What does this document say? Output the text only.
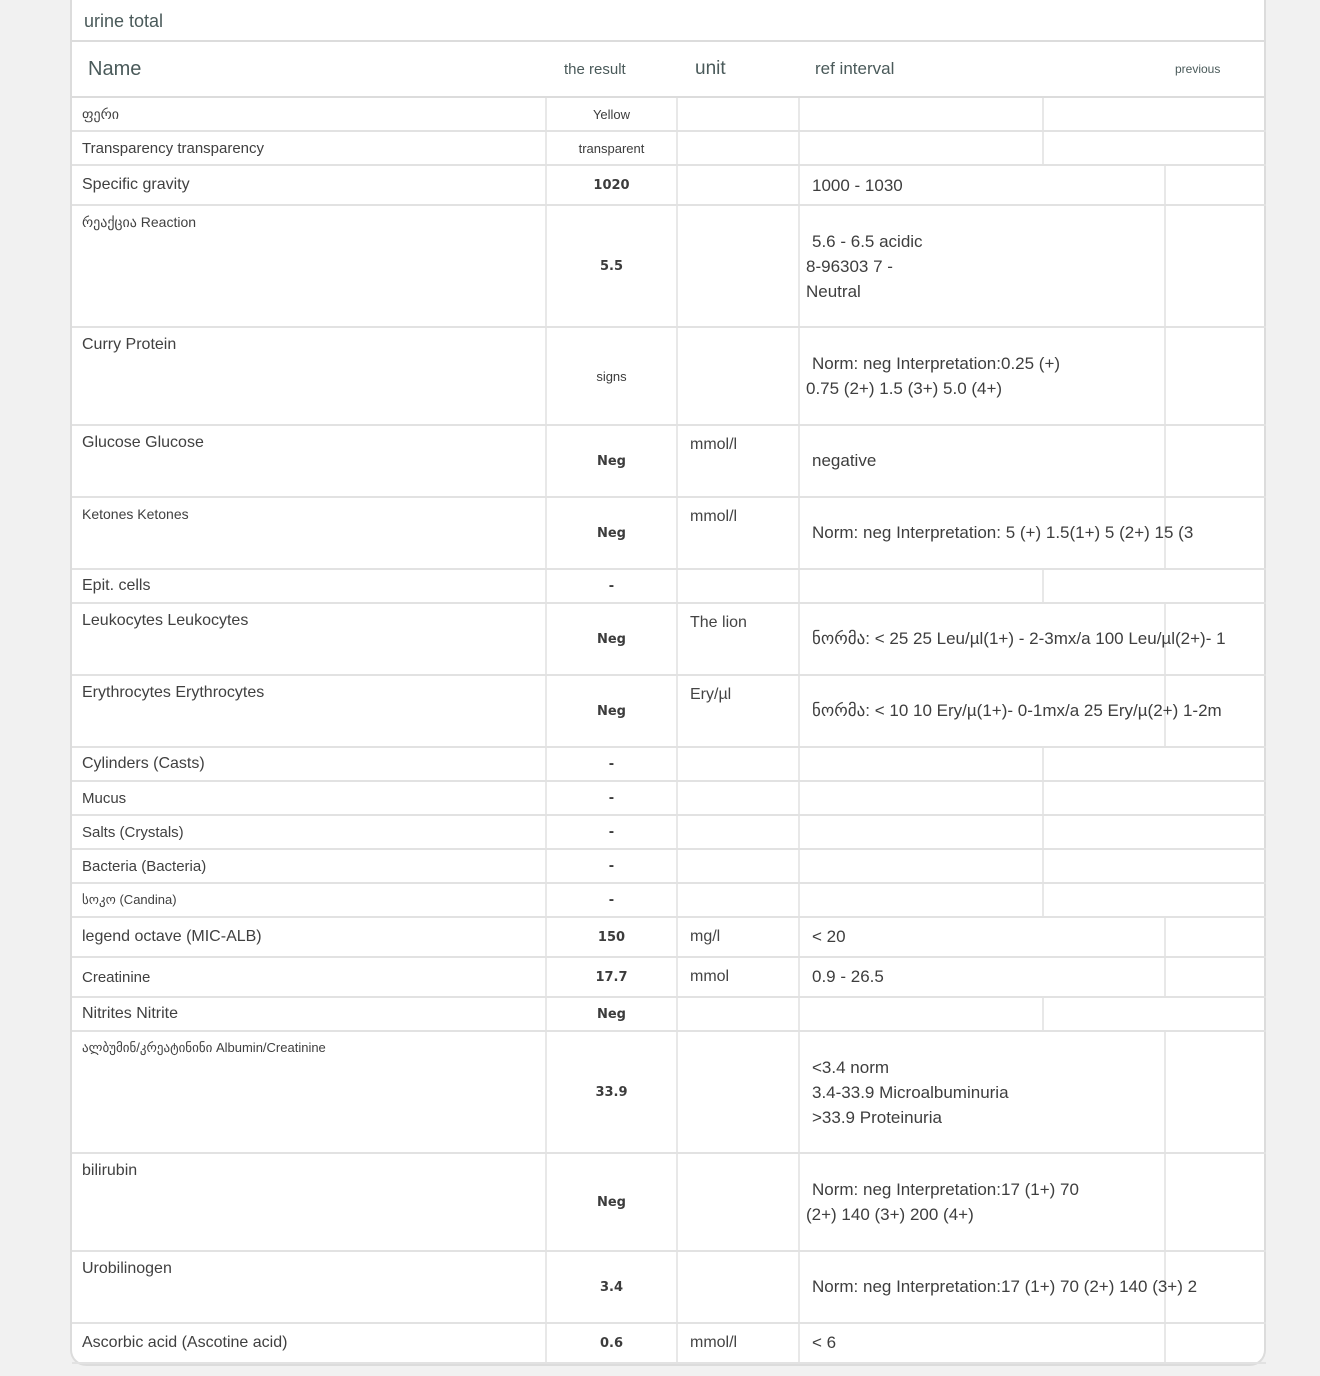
urine total
Name	the result	unit	ref interval		previous
ფერი	Yellow				
Transparency transparency	transparent				
Specific gravity	1020		1000 - 1030		

რეაქცია Reaction	5.5		5.6 - 6.5 acidic
8-96303 7 -
Neutral		

Curry Protein	signs		Norm: neg Interpretation:0.25 (+)
0.75 (2+) 1.5 (3+) 5.0 (4+)		

Glucose Glucose	Neg	mmol/l	negative		

Ketones Ketones	Neg	mmol/l	Norm: neg Interpretation: 5 (+) 1.5(1+) 5 (2+) 15 (3		

Epit. cells	-				
Leukocytes Leukocytes	Neg	The lion	ნორმა: < 25 25 Leu/µl(1+) - 2-3mx/a 100 Leu/µl(2+)- 1		

Erythrocytes Erythrocytes	Neg	Ery/µl	ნორმა: < 10 10 Ery/µ(1+)- 0-1mx/a 25 Ery/µ(2+) 1-2m		

Cylinders (Casts)	-				
Mucus	-				
Salts (Crystals)	-				
Bacteria (Bacteria)	-				
სოკო (Candina)	-				
legend octave (MIC-ALB)	150	mg/l	< 20		

Creatinine	17.7	mmol	0.9 - 26.5		

Nitrites Nitrite	Neg				
ალბუმინ/კრეატინინი Albumin/Creatinine	33.9		<3.4 norm
3.4-33.9 Microalbuminuria
>33.9 Proteinuria		

bilirubin	Neg		Norm: neg Interpretation:17 (1+) 70
(2+) 140 (3+) 200 (4+)		

Urobilinogen	3.4		Norm: neg Interpretation:17 (1+) 70 (2+) 140 (3+) 2		

Ascorbic acid (Ascotine acid)	0.6	mmol/l	< 6		
